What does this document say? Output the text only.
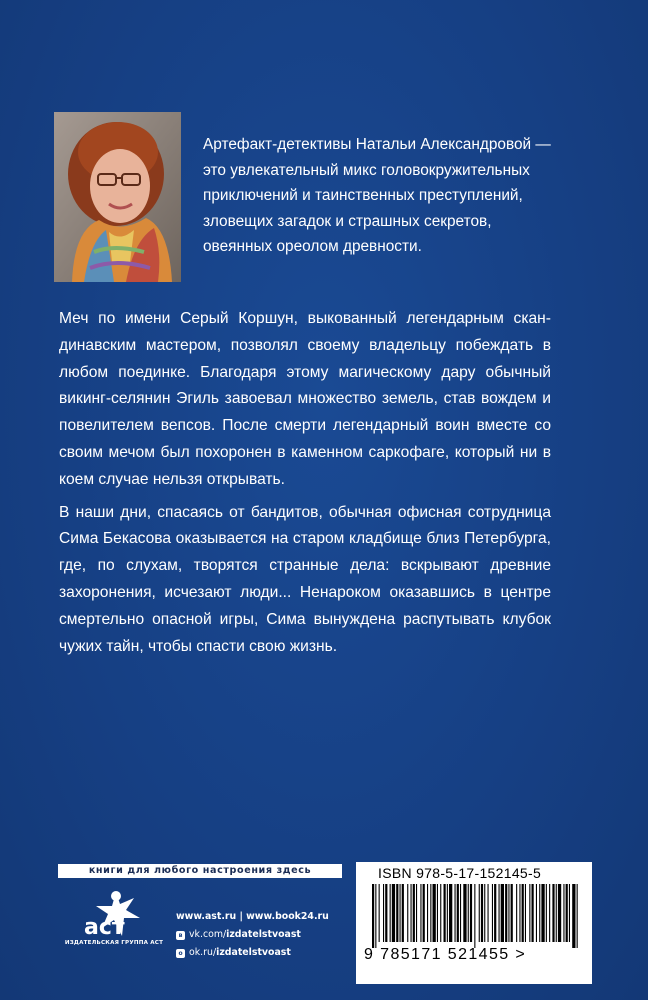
Артефакт-детективы Натальи Александровой —

это увлекательный микс головокружительных

приключений и таинственных преступлений,

зловещих загадок и страшных секретов,

овеянных ореолом древности.

Меч по имени Серый Коршун, выкованный легендарным скандинавским мастером, позволял своему владельцу побеждать в любом поединке. Благодаря этому магическому дару обычный викинг-селянин Эгиль завоевал множество земель, став вождем и повелителем вепсов. После смерти легендарный воин вместе со своим мечом был похоронен в каменном саркофаге, который ни в коем случае нельзя открывать.

В наши дни, спасаясь от бандитов, обычная офисная сотрудница Сима Бекасова оказывается на старом кладбище близ Петербурга, где, по слухам, творятся странные дела: вскрывают древние захоронения, исчезают люди... Ненароком оказавшись в центре смертельно опасной игры, Сима вынуждена распутывать клубок чужих тайн, чтобы спасти свою жизнь.

книги для любого настроения здесь
аст
ИЗДАТЕЛЬСКАЯ ГРУППА АСТ
www.ast.ru | www.book24.ru
в vk.com/ izdatelstvoast
о ok.ru/ izdatelstvoast
ISBN 978-5-17-152145-5
9 785171 521455 >
